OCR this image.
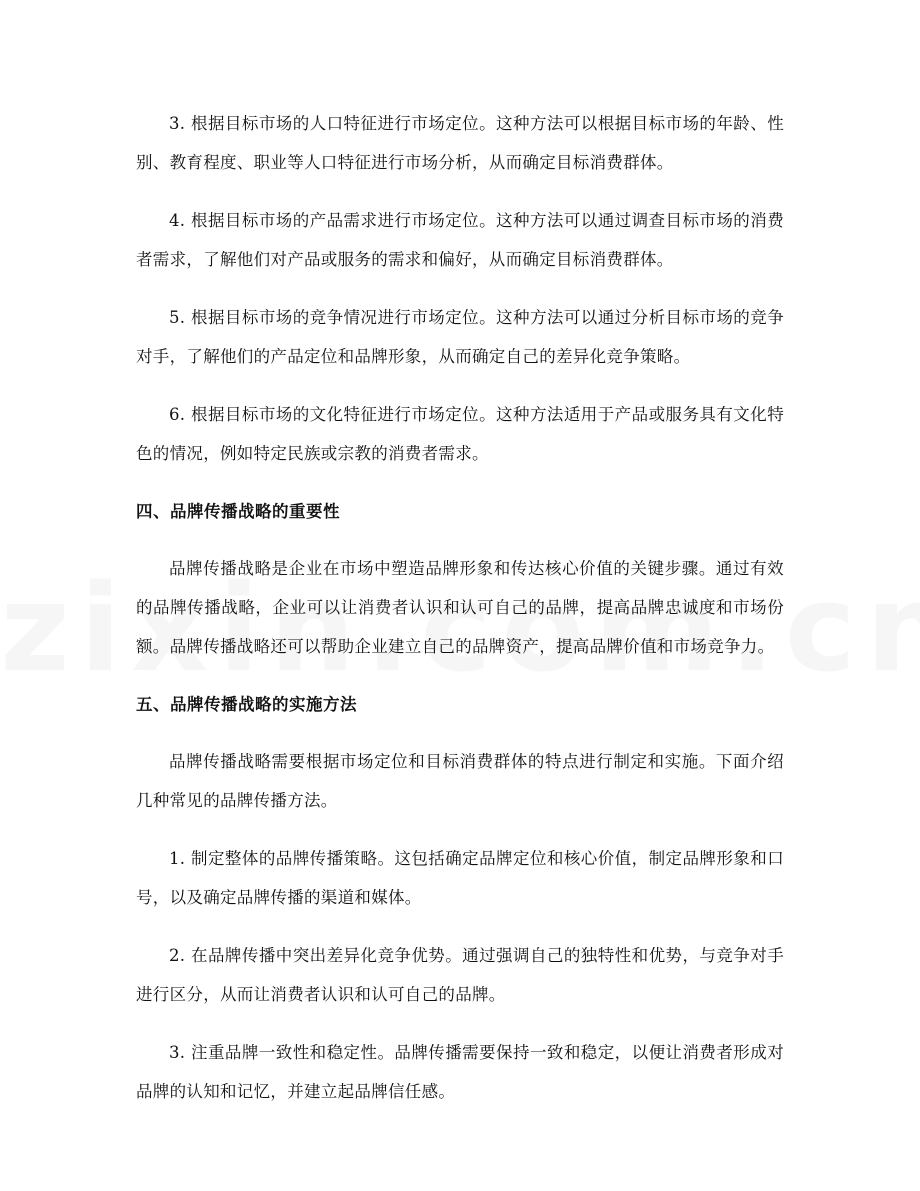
3. 根据目标市场的人口特征进行市场定位。这种方法可以根据目标市场的年龄、性别、教育程度、职业等人口特征进行市场分析，从而确定目标消费群体。

4. 根据目标市场的产品需求进行市场定位。这种方法可以通过调查目标市场的消费者需求，了解他们对产品或服务的需求和偏好，从而确定目标消费群体。

5. 根据目标市场的竞争情况进行市场定位。这种方法可以通过分析目标市场的竞争对手，了解他们的产品定位和品牌形象，从而确定自己的差异化竞争策略。

6. 根据目标市场的文化特征进行市场定位。这种方法适用于产品或服务具有文化特色的情况，例如特定民族或宗教的消费者需求。

四、品牌传播战略的重要性

品牌传播战略是企业在市场中塑造品牌形象和传达核心价值的关键步骤。通过有效的品牌传播战略，企业可以让消费者认识和认可自己的品牌，提高品牌忠诚度和市场份额。品牌传播战略还可以帮助企业建立自己的品牌资产，提高品牌价值和市场竞争力。

五、品牌传播战略的实施方法

品牌传播战略需要根据市场定位和目标消费群体的特点进行制定和实施。下面介绍几种常见的品牌传播方法。

1. 制定整体的品牌传播策略。这包括确定品牌定位和核心价值，制定品牌形象和口号，以及确定品牌传播的渠道和媒体。

2. 在品牌传播中突出差异化竞争优势。通过强调自己的独特性和优势，与竞争对手进行区分，从而让消费者认识和认可自己的品牌。

3. 注重品牌一致性和稳定性。品牌传播需要保持一致和稳定，以便让消费者形成对品牌的认知和记忆，并建立起品牌信任感。
